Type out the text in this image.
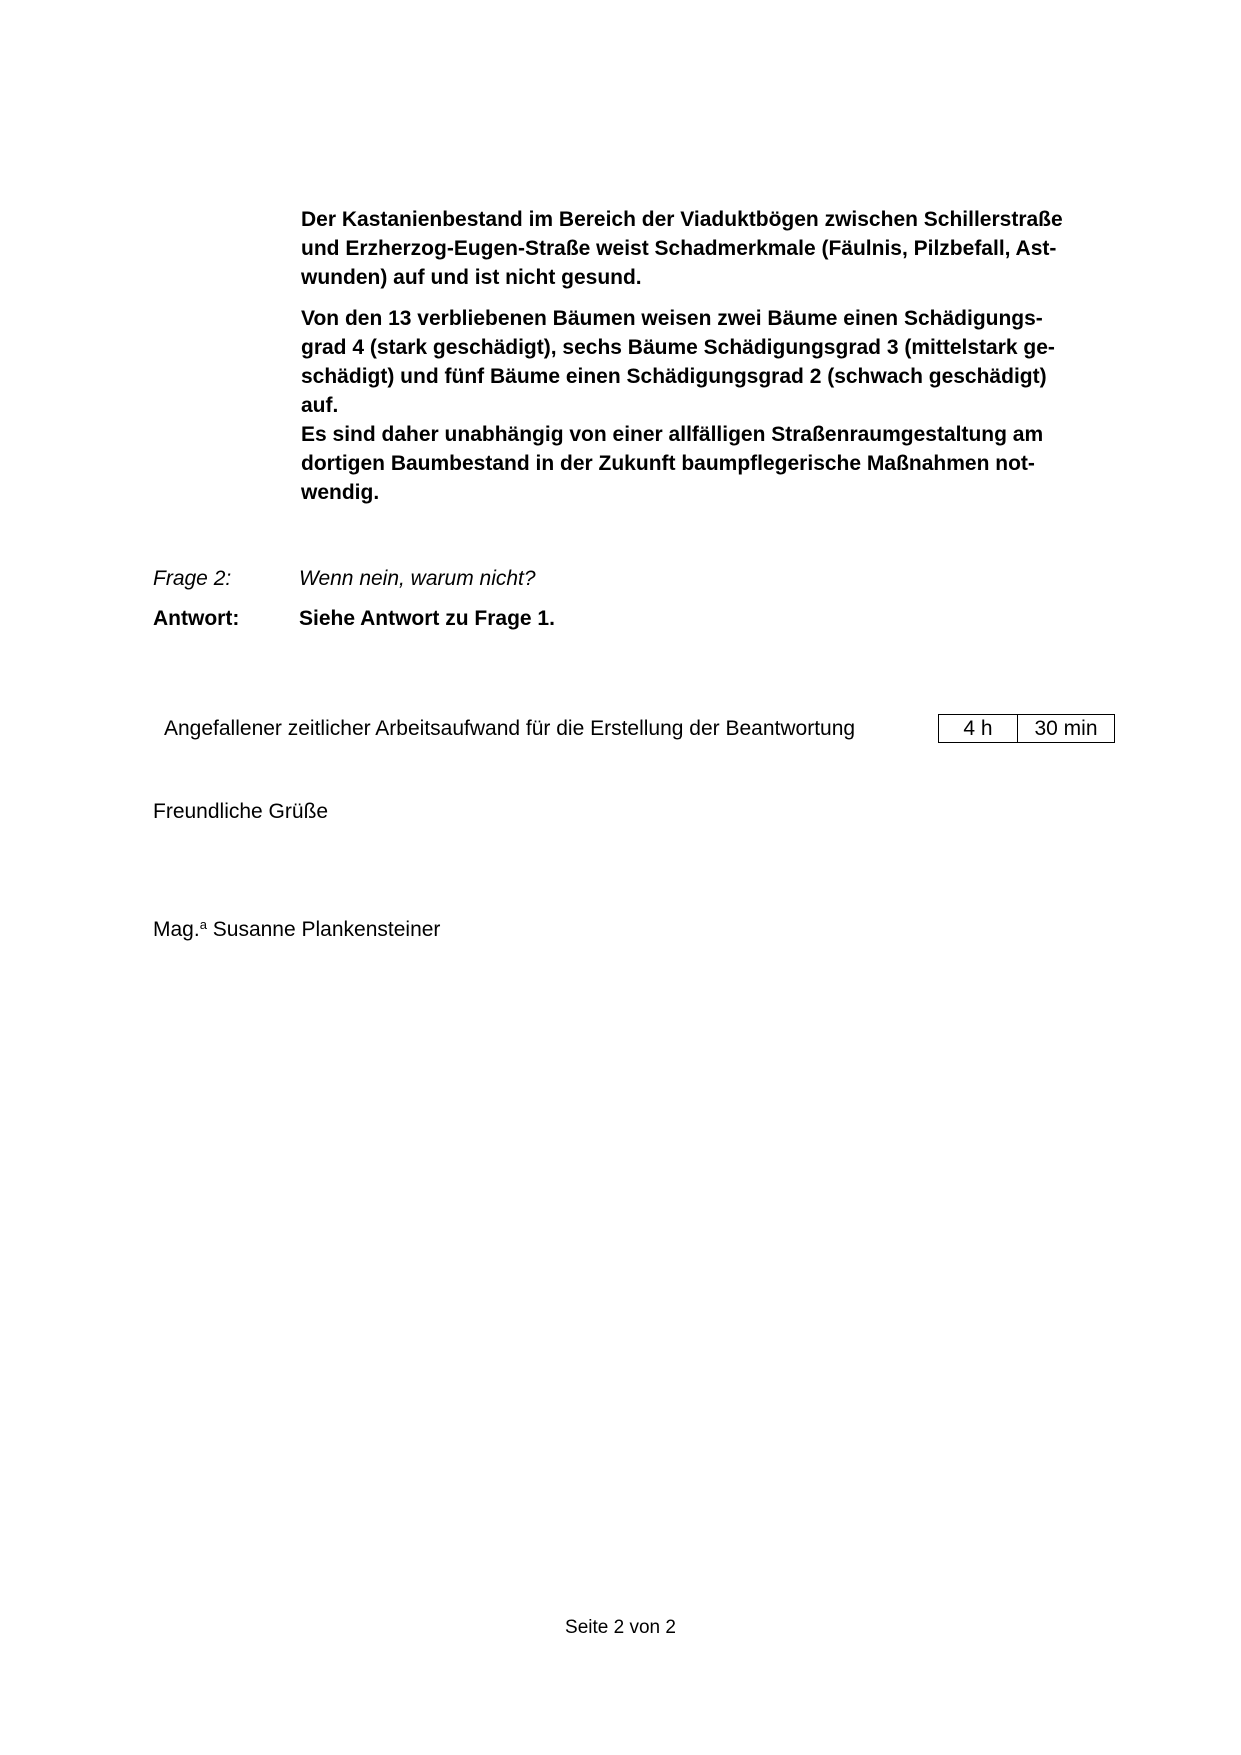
Der Kastanienbestand im Bereich der Viaduktbögen zwischen Schillerstraße
und Erzherzog-Eugen-Straße weist Schadmerkmale (Fäulnis, Pilzbefall, Ast-
wunden) auf und ist nicht gesund.

Von den 13 verbliebenen Bäumen weisen zwei Bäume einen Schädigungs-
grad 4 (stark geschädigt), sechs Bäume Schädigungsgrad 3 (mittelstark ge-
schädigt) und fünf Bäume einen Schädigungsgrad 2 (schwach geschädigt)
auf.

Es sind daher unabhängig von einer allfälligen Straßenraumgestaltung am
dortigen Baumbestand in der Zukunft baumpflegerische Maßnahmen not-
wendig.

Frage 2:	Wenn nein, warum nicht?
Antwort:	Siehe Antwort zu Frage 1.
Angefallener zeitlicher Arbeitsaufwand für die Erstellung der Beantwortung	4 h	30 min
Freundliche Grüße
Mag.$^a$ Susanne Plankensteiner
Seite 2 von 2
